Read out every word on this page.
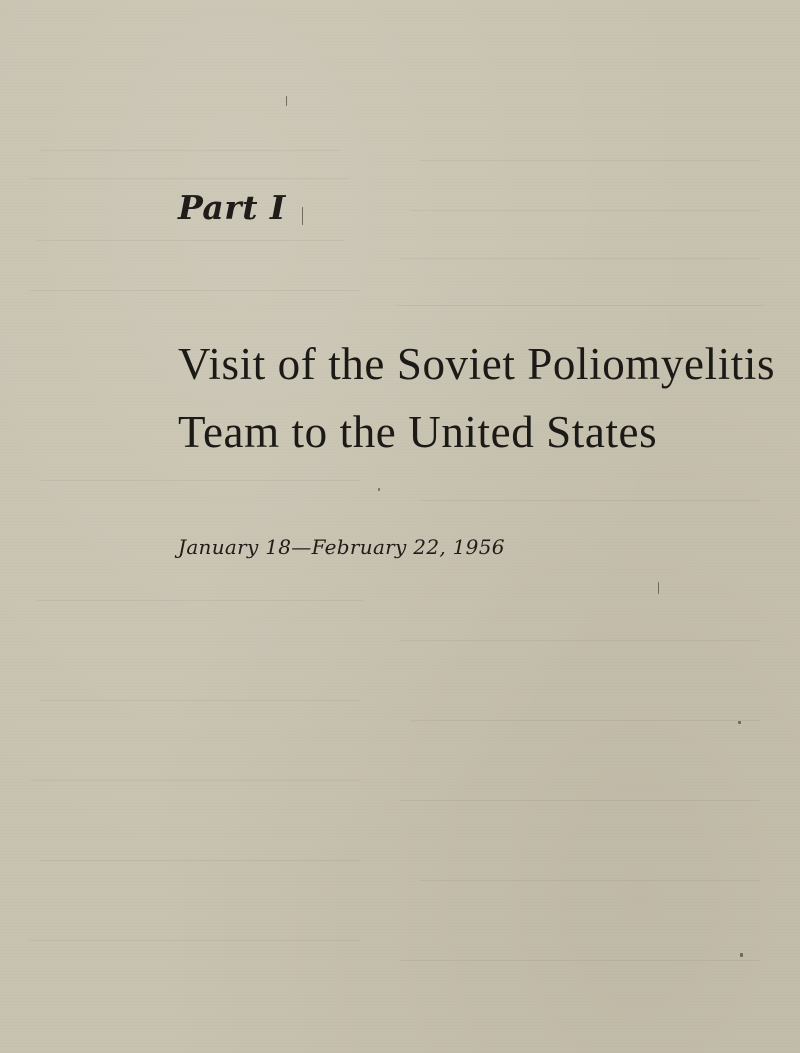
Part I
Visit of the Soviet Poliomyelitis
Team to the United States

January 18—February 22, 1956
